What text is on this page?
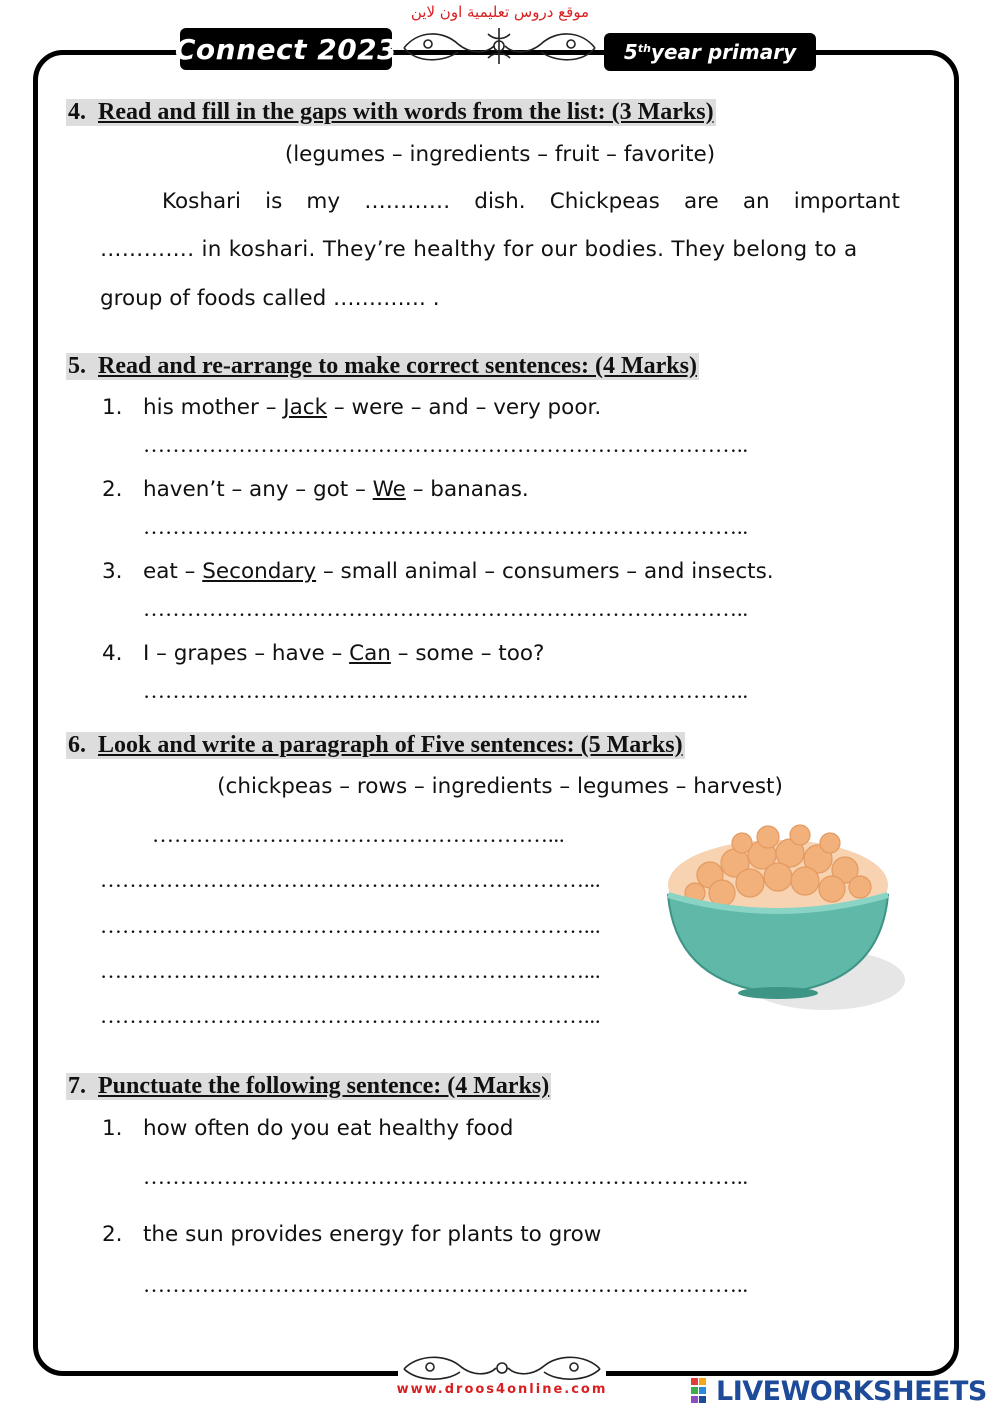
موقع دروس تعليمية اون لاين
Connect 2023	5th year primary
4. Read and fill in the gaps with words from the list: (3 Marks)
(legumes – ingredients – fruit – favorite)
Koshari is my ………… dish. Chickpeas are an important
…………. in koshari. They’re healthy for our bodies. They belong to a
group of foods called …………. .
5. Read and re-arrange to make correct sentences: (4 Marks)
1. his mother – Jack – were – and – very poor.
………………………………………………………………………..
2. haven’t – any – got – We – bananas.
………………………………………………………………………..
3. eat – Secondary – small animal – consumers – and insects.
………………………………………………………………………..
4. I – grapes – have – Can – some – too?
………………………………………………………………………..
6. Look and write a paragraph of Five sentences: (5 Marks)
(chickpeas – rows – ingredients – legumes – harvest)
………………………………………………...
…………………………………………………………...
…………………………………………………………...
…………………………………………………………...
…………………………………………………………...
7. Punctuate the following sentence: (4 Marks)
1. how often do you eat healthy food
………………………………………………………………………..
2. the sun provides energy for plants to grow
………………………………………………………………………..
www.droos4online.com	LIVEWORKSHEETS
